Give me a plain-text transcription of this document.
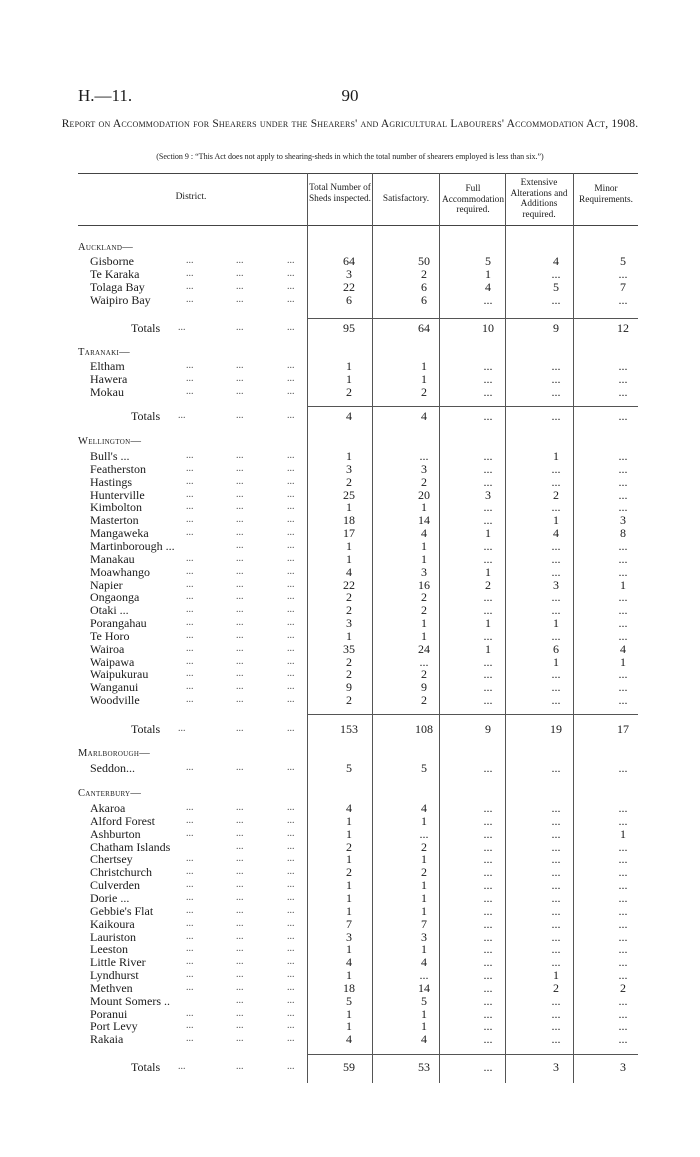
H.—11.	90
Report on Accommodation for Shearers under the Shearers' and Agricultural Labourers' Accommodation Act, 1908.
(Section 9 : “This Act does not apply to shearing-sheds in which the total number of shearers employed is less than six.”)
District.
Total Number of Sheds inspected.	Satisfactory.
Full Accommodation required.
Extensive Alterations and Additions required.
Minor Requirements.
Auckland—
Gisborne	...	...	...	64	50	5	4	5
Te Karaka	...	...	...	3	2	1	...	...
Tolaga Bay	...	...	...	22	6	4	5	7
Waipiro Bay	...	...	...	6	6	...	...	...
Totals ...	...	...	95	64	10	9	12
Taranaki—
Eltham	...	...	...	1	1	...	...	...
Hawera	...	...	...	1	1	...	...	...
Mokau	...	...	...	2	2	...	...	...
Totals ...	...	...	4	4	...	...	...
Wellington—
Bull's ...	...	...	...	1	...	...	1	...
Featherston	...	...	...	3	3	...	...	...
Hastings	...	...	...	2	2	...	...	...
Hunterville	...	...	...	25	20	3	2	...
Kimbolton	...	...	...	1	1	...	...	...
Masterton	...	...	...	18	14	...	1	3
Mangaweka	...	...	...	17	4	1	4	8
Martinborough ...	...	...	1	1	...	...	...
Manakau	...	...	...	1	1	...	...	...
Moawhango	...	...	...	4	3	1	...	...
Napier	...	...	...	22	16	2	3	1
Ongaonga	...	...	...	2	2	...	...	...
Otaki ...	...	...	...	2	2	...	...	...
Porangahau	...	...	...	3	1	1	1	...
Te Horo	...	...	...	1	1	...	...	...
Wairoa	...	...	...	35	24	1	6	4
Waipawa	...	...	...	2	...	...	1	1
Waipukurau	...	...	...	2	2	...	...	...
Wanganui	...	...	...	9	9	...	...	...
Woodville	...	...	...	2	2	...	...	...
Totals ...	...	...	153	108	9	19	17
Marlborough—
Seddon...	...	...	...	5	5	...	...	...
Canterbury—
Akaroa	...	...	...	4	4	...	...	...
Alford Forest	...	...	...	1	1	...	...	...
Ashburton	...	...	...	1	...	...	...	1
Chatham Islands	...	...	2	2	...	...	...
Chertsey	...	...	...	1	1	...	...	...
Christchurch	...	...	...	2	2	...	...	...
Culverden	...	...	...	1	1	...	...	...
Dorie ...	...	...	...	1	1	...	...	...
Gebbie's Flat	...	...	...	1	1	...	...	...
Kaikoura	...	...	...	7	7	...	...	...
Lauriston	...	...	...	3	3	...	...	...
Leeston	...	...	...	1	1	...	...	...
Little River	...	...	...	4	4	...	...	...
Lyndhurst	...	...	...	1	...	...	1	...
Methven	...	...	...	18	14	...	2	2
Mount Somers ..	...	...	5	5	...	...	...
Poranui	...	...	...	1	1	...	...	...
Port Levy	...	...	...	1	1	...	...	...
Rakaia	...	...	...	4	4	...	...	...
Totals ...	...	...	59	53	...	3	3
